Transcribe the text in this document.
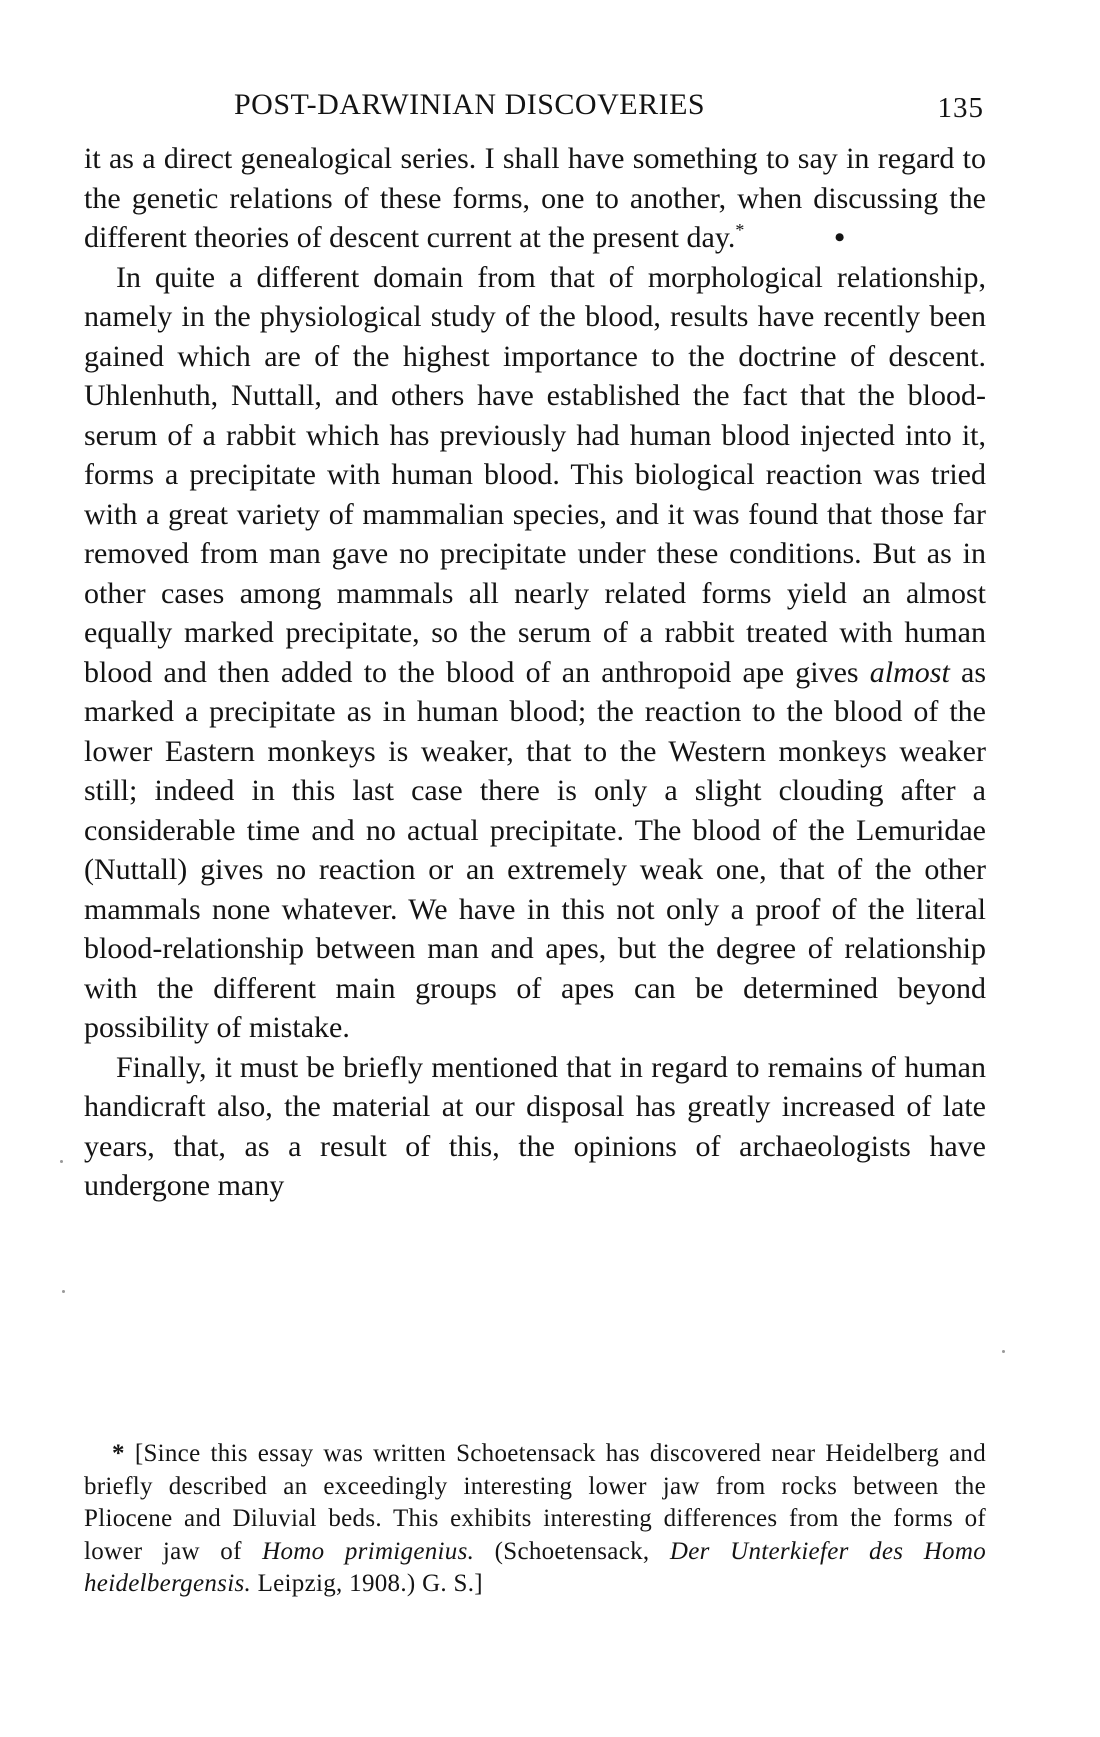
POST-DARWINIAN DISCOVERIES	135

it as a direct genealogical series. I shall have something to say in regard to the genetic relations of these forms, one to another, when discussing the different theories of descent current at the present day.*	•

In quite a different domain from that of morphological relationship, namely in the physiological study of the blood, results have recently been gained which are of the highest importance to the doctrine of descent. Uhlenhuth, Nuttall, and others have established the fact that the blood-serum of a rabbit which has previously had human blood injected into it, forms a precipitate with human blood. This biological reaction was tried with a great variety of mammalian species, and it was found that those far removed from man gave no precipitate under these conditions. But as in other cases among mammals all nearly related forms yield an almost equally marked precipitate, so the serum of a rabbit treated with human blood and then added to the blood of an anthropoid ape gives almost as marked a precipitate as in human blood; the reaction to the blood of the lower Eastern monkeys is weaker, that to the Western monkeys weaker still; indeed in this last case there is only a slight clouding after a considerable time and no actual precipitate. The blood of the Lemuridae (Nuttall) gives no reaction or an extremely weak one, that of the other mammals none whatever. We have in this not only a proof of the literal blood-relationship between man and apes, but the degree of relationship with the different main groups of apes can be determined beyond possibility of mistake.

Finally, it must be briefly mentioned that in regard to remains of human handicraft also, the material at our disposal has greatly increased of late years, that, as a result of this, the opinions of archaeologists have undergone many

* [Since this essay was written Schoetensack has discovered near Heidelberg and briefly described an exceedingly interesting lower jaw from rocks between the Pliocene and Diluvial beds. This exhibits interesting differences from the forms of lower jaw of Homo primigenius. (Schoetensack, Der Unterkiefer des Homo heidelbergensis. Leipzig, 1908.) G. S.]
